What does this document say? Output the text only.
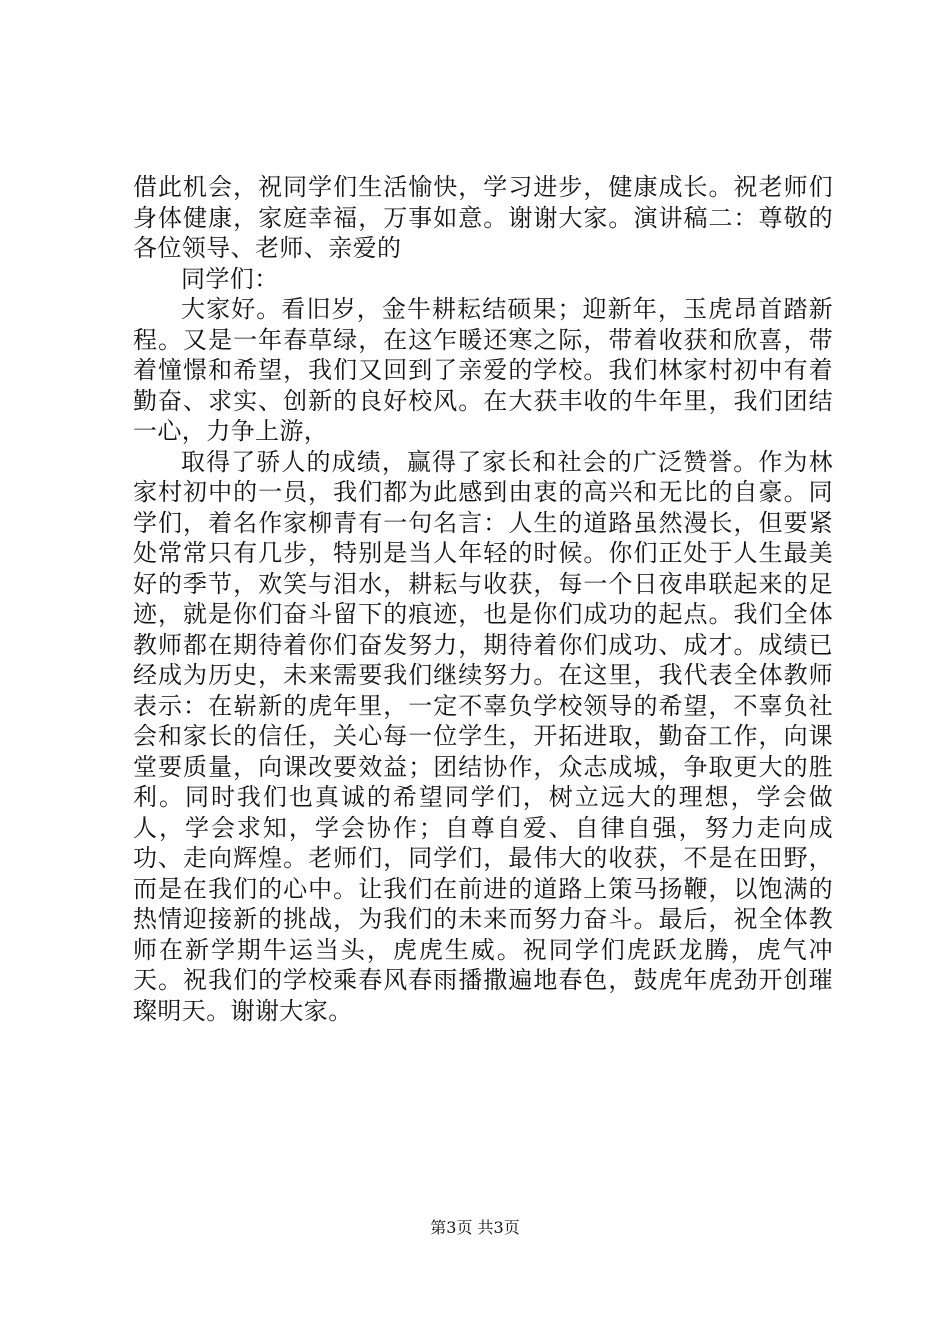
借此机会，祝同学们生活愉快，学习进步，健康成长。祝老师们身体健康，家庭幸福，万事如意。谢谢大家。演讲稿二：尊敬的各位领导、老师、亲爱的

同学们：

大家好。看旧岁，金牛耕耘结硕果；迎新年，玉虎昂首踏新程。又是一年春草绿，在这乍暖还寒之际，带着收获和欣喜，带着憧憬和希望，我们又回到了亲爱的学校。我们林家村初中有着勤奋、求实、创新的良好校风。在大获丰收的牛年里，我们团结一心，力争上游，

取得了骄人的成绩，赢得了家长和社会的广泛赞誉。作为林家村初中的一员，我们都为此感到由衷的高兴和无比的自豪。同学们，着名作家柳青有一句名言：人生的道路虽然漫长，但要紧处常常只有几步，特别是当人年轻的时候。你们正处于人生最美好的季节，欢笑与泪水，耕耘与收获，每一个日夜串联起来的足迹，就是你们奋斗留下的痕迹，也是你们成功的起点。我们全体教师都在期待着你们奋发努力，期待着你们成功、成才。成绩已经成为历史，未来需要我们继续努力。在这里，我代表全体教师表示：在崭新的虎年里，一定不辜负学校领导的希望，不辜负社会和家长的信任，关心每一位学生，开拓进取，勤奋工作，向课堂要质量，向课改要效益；团结协作，众志成城，争取更大的胜利。同时我们也真诚的希望同学们，树立远大的理想，学会做人，学会求知，学会协作；自尊自爱、自律自强，努力走向成功、走向辉煌。老师们，同学们，最伟大的收获，不是在田野，而是在我们的心中。让我们在前进的道路上策马扬鞭，以饱满的热情迎接新的挑战，为我们的未来而努力奋斗。最后，祝全体教师在新学期牛运当头，虎虎生威。祝同学们虎跃龙腾，虎气冲天。祝我们的学校乘春风春雨播撒遍地春色，鼓虎年虎劲开创璀璨明天。谢谢大家。

第3页 共3页
